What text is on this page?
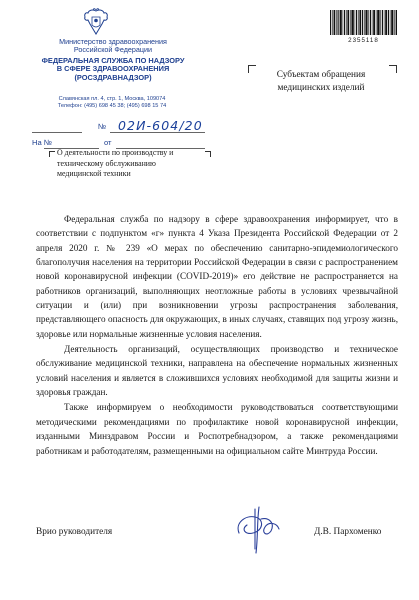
Министерство здравоохранения
Российской Федерации
ФЕДЕРАЛЬНАЯ СЛУЖБА ПО НАДЗОРУ
В СФЕРЕ ЗДРАВООХРАНЕНИЯ
(РОСЗДРАВНАДЗОР)
Славянская пл. 4, стр. 1, Москва, 109074
Телефон: (495) 698 45 38; (495) 698 15 74
№ 02И-604/20
На №	от
О деятельности по производству и техническому обслуживанию медицинской техники
2355118
Субъектам обращения
медицинских изделий

Федеральная служба по надзору в сфере здравоохранения информирует, что в соответствии с подпунктом «г» пункта 4 Указа Президента Российской Федерации от 2 апреля 2020 г. № 239 «О мерах по обеспечению санитарно-эпидемиологического благополучия населения на территории Российской Федерации в связи с распространением новой коронавирусной инфекции (COVID-2019)» его действие не распространяется на работников организаций, выполняющих неотложные работы в условиях чрезвычайной ситуации и (или) при возникновении угрозы распространения заболевания, представляющего опасность для окружающих, в иных случаях, ставящих под угрозу жизнь, здоровье или нормальные жизненные условия населения.

Деятельность организаций, осуществляющих производство и техническое обслуживание медицинской техники, направлена на обеспечение нормальных жизненных условий населения и является в сложившихся условиях необходимой для защиты жизни и здоровья граждан.

Также информируем о необходимости руководствоваться соответствующими методическими рекомендациями по профилактике новой коронавирусной инфекции, изданными Минздравом России и Роспотребнадзором, а также рекомендациями работникам и работодателям, размещенными на официальном сайте Минтруда России.

Врио руководителя	Д.В. Пархоменко
